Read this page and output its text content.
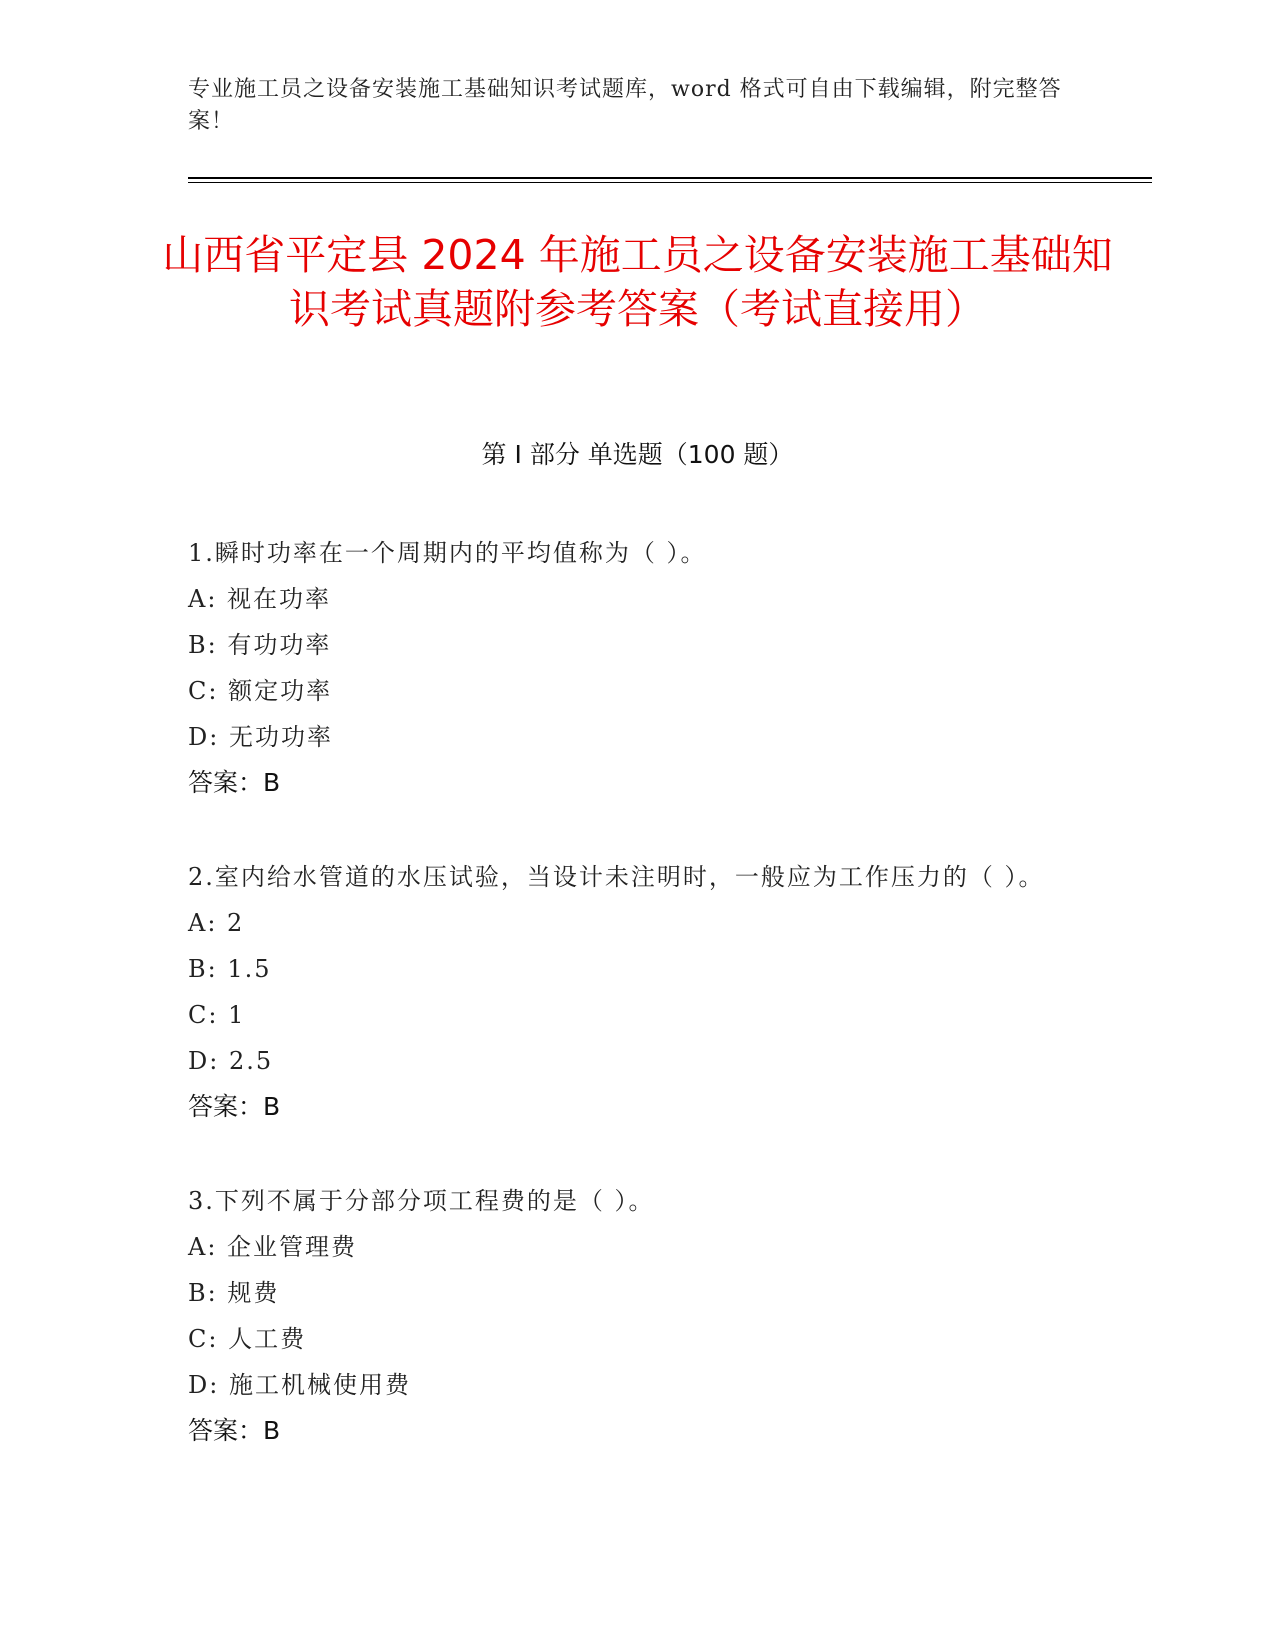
专业施工员之设备安装施工基础知识考试题库，word 格式可自由下载编辑，附完整答案！
山西省平定县 2024 年施工员之设备安装施工基础知识考试真题附参考答案（考试直接用）
第 I 部分 单选题（100 题）
1.瞬时功率在一个周期内的平均值称为（ ）。
A: 视在功率
B: 有功功率
C: 额定功率
D: 无功功率
答案：B
2.室内给水管道的水压试验，当设计未注明时，一般应为工作压力的（ ）。
A: 2
B: 1.5
C: 1
D: 2.5
答案：B
3.下列不属于分部分项工程费的是（ ）。
A: 企业管理费
B: 规费
C: 人工费
D: 施工机械使用费
答案：B
